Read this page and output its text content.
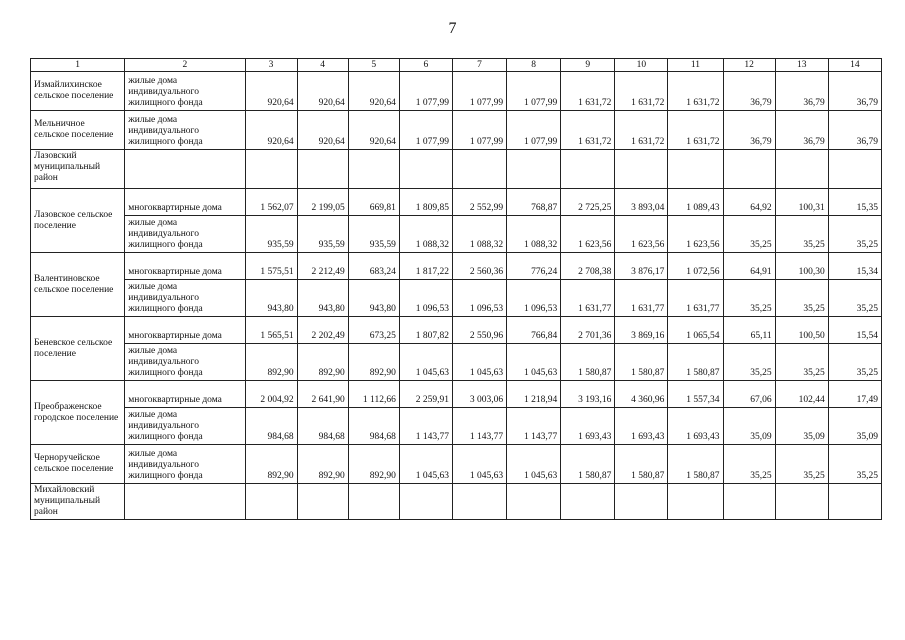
7
1	2	3	4	5	6	7	8	9	10	11	12	13	14
Измайлихинское сельское поселение	жилые дома индивидуального жилищного фонда	920,64	920,64	920,64	1 077,99	1 077,99	1 077,99	1 631,72	1 631,72	1 631,72	36,79	36,79	36,79
Мельничное сельское поселение	жилые дома индивидуального жилищного фонда	920,64	920,64	920,64	1 077,99	1 077,99	1 077,99	1 631,72	1 631,72	1 631,72	36,79	36,79	36,79
Лазовский муниципальный район													
Лазовское сельское поселение	многоквартирные дома	1 562,07	2 199,05	669,81	1 809,85	2 552,99	768,87	2 725,25	3 893,04	1 089,43	64,92	100,31	15,35
	жилые дома индивидуального жилищного фонда	935,59	935,59	935,59	1 088,32	1 088,32	1 088,32	1 623,56	1 623,56	1 623,56	35,25	35,25	35,25
Валентиновское сельское поселение	многоквартирные дома	1 575,51	2 212,49	683,24	1 817,22	2 560,36	776,24	2 708,38	3 876,17	1 072,56	64,91	100,30	15,34
	жилые дома индивидуального жилищного фонда	943,80	943,80	943,80	1 096,53	1 096,53	1 096,53	1 631,77	1 631,77	1 631,77	35,25	35,25	35,25
Беневское сельское поселение	многоквартирные дома	1 565,51	2 202,49	673,25	1 807,82	2 550,96	766,84	2 701,36	3 869,16	1 065,54	65,11	100,50	15,54
	жилые дома индивидуального жилищного фонда	892,90	892,90	892,90	1 045,63	1 045,63	1 045,63	1 580,87	1 580,87	1 580,87	35,25	35,25	35,25
Преображенское городское поселение	многоквартирные дома	2 004,92	2 641,90	1 112,66	2 259,91	3 003,06	1 218,94	3 193,16	4 360,96	1 557,34	67,06	102,44	17,49
	жилые дома индивидуального жилищного фонда	984,68	984,68	984,68	1 143,77	1 143,77	1 143,77	1 693,43	1 693,43	1 693,43	35,09	35,09	35,09
Черноручейское сельское поселение	жилые дома индивидуального жилищного фонда	892,90	892,90	892,90	1 045,63	1 045,63	1 045,63	1 580,87	1 580,87	1 580,87	35,25	35,25	35,25
Михайловский муниципальный район													
